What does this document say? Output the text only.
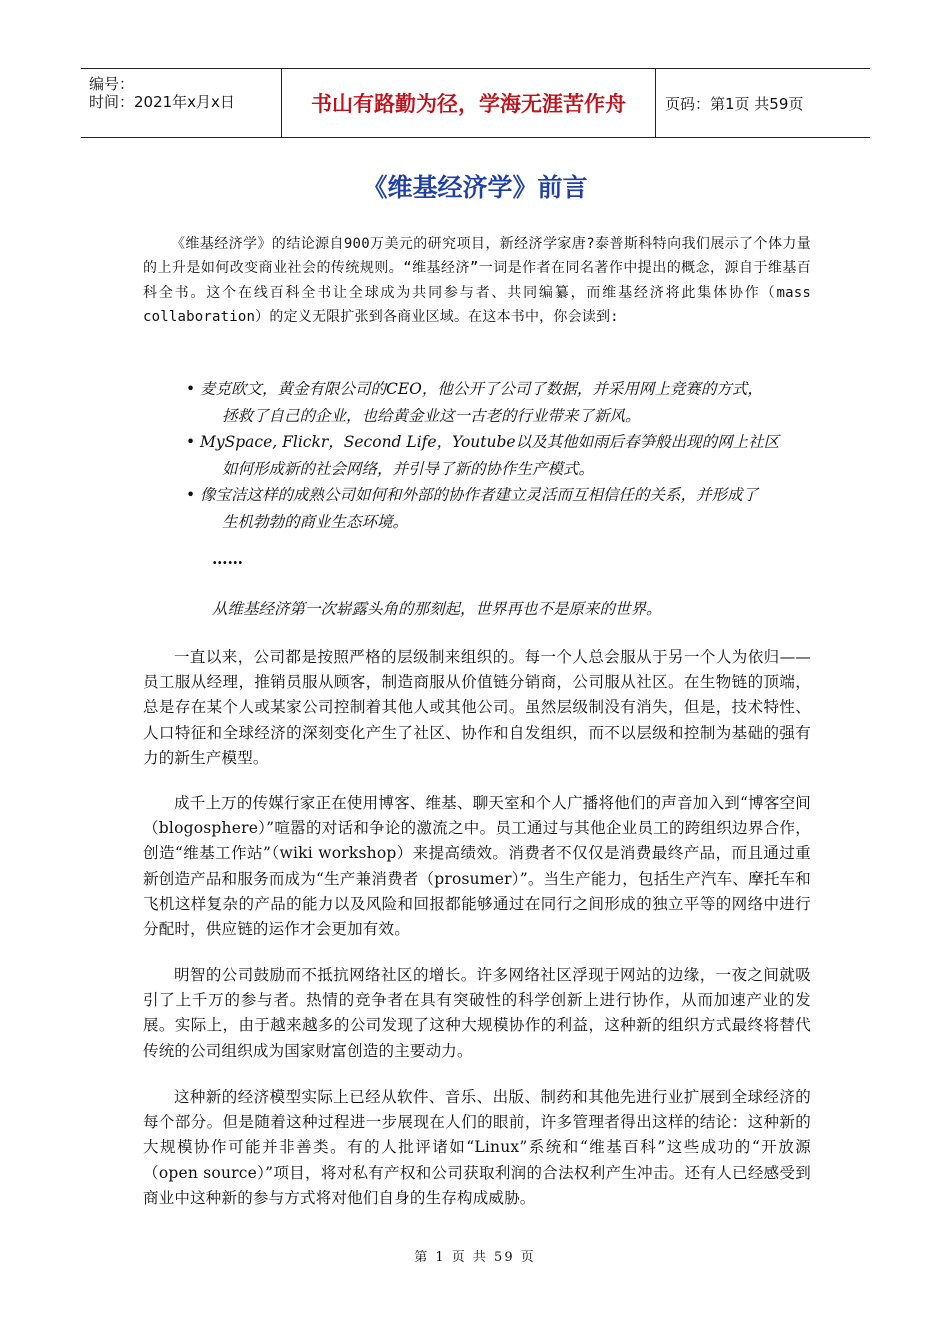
编号：
时间：2021年x月x日	书山有路勤为径，学海无涯苦作舟	页码：第1页 共59页
《维基经济学》前言

《维基经济学》的结论源自900万美元的研究项目，新经济学家唐?泰普斯科特向我们展示了个体力量的上升是如何改变商业社会的传统规则。“维基经济”一词是作者在同名著作中提出的概念，源自于维基百科全书。这个在线百科全书让全球成为共同参与者、共同编纂，而维基经济将此集体协作（mass collaboration）的定义无限扩张到各商业区域。在这本书中，你会读到:

• 麦克欧文，黄金有限公司的CEO，他公开了公司了数据，并采用网上竞赛的方式，
拯救了自己的企业，也给黄金业这一古老的行业带来了新风。
• MySpace, Flickr，Second Life，Youtube以及其他如雨后春笋般出现的网上社区
如何形成新的社会网络，并引导了新的协作生产模式。
• 像宝洁这样的成熟公司如何和外部的协作者建立灵活而互相信任的关系，并形成了
生机勃勃的商业生态环境。
……
从维基经济第一次崭露头角的那刻起，世界再也不是原来的世界。

一直以来，公司都是按照严格的层级制来组织的。每一个人总会服从于另一个人为依归——员工服从经理，推销员服从顾客，制造商服从价值链分销商，公司服从社区。在生物链的顶端，总是存在某个人或某家公司控制着其他人或其他公司。虽然层级制没有消失，但是，技术特性、人口特征和全球经济的深刻变化产生了社区、协作和自发组织，而不以层级和控制为基础的强有力的新生产模型。

成千上万的传媒行家正在使用博客、维基、聊天室和个人广播将他们的声音加入到“博客空间（blogosphere）”喧嚣的对话和争论的激流之中。员工通过与其他企业员工的跨组织边界合作，创造“维基工作站”（wiki workshop）来提高绩效。消费者不仅仅是消费最终产品，而且通过重新创造产品和服务而成为“生产兼消费者（prosumer）”。当生产能力，包括生产汽车、摩托车和飞机这样复杂的产品的能力以及风险和回报都能够通过在同行之间形成的独立平等的网络中进行分配时，供应链的运作才会更加有效。

明智的公司鼓励而不抵抗网络社区的增长。许多网络社区浮现于网站的边缘，一夜之间就吸引了上千万的参与者。热情的竞争者在具有突破性的科学创新上进行协作，从而加速产业的发展。实际上，由于越来越多的公司发现了这种大规模协作的利益，这种新的组织方式最终将替代传统的公司组织成为国家财富创造的主要动力。

这种新的经济模型实际上已经从软件、音乐、出版、制药和其他先进行业扩展到全球经济的每个部分。但是随着这种过程进一步展现在人们的眼前，许多管理者得出这样的结论：这种新的大规模协作可能并非善类。有的人批评诸如“Linux”系统和“维基百科”这些成功的“开放源（open source）”项目，将对私有产权和公司获取利润的合法权利产生冲击。还有人已经感受到商业中这种新的参与方式将对他们自身的生存构成威胁。

第 1 页 共 59 页
